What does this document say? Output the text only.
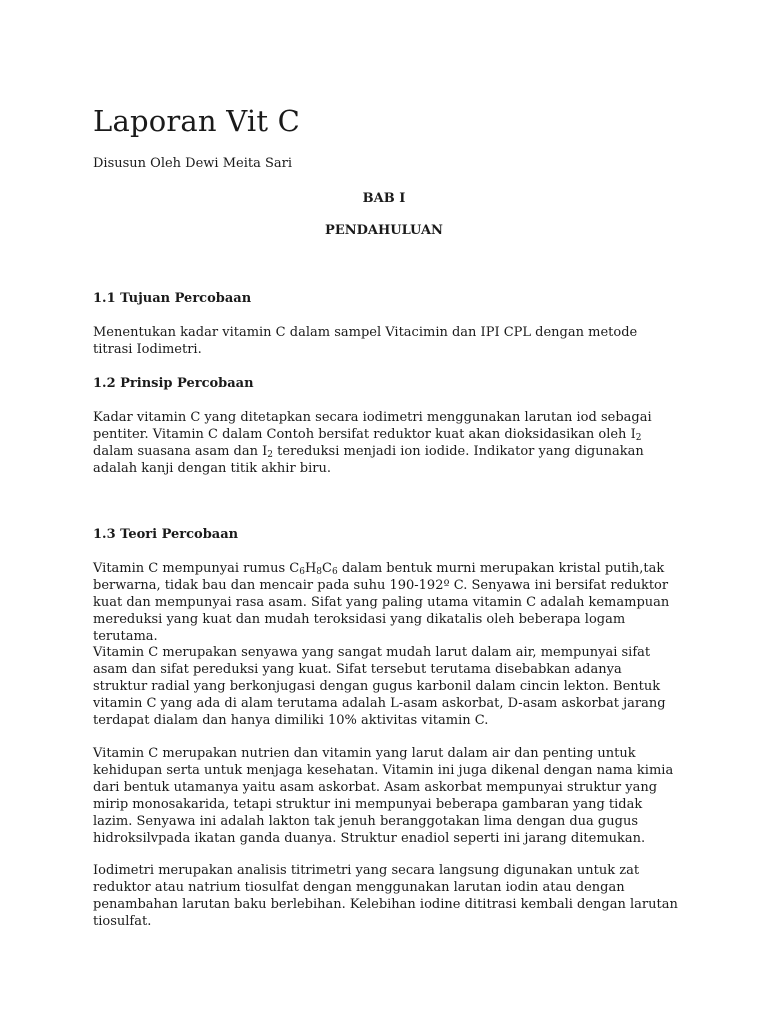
Laporan Vit C

Disusun Oleh Dewi Meita Sari

BAB I

PENDAHULUAN

1.1 Tujuan Percobaan

Menentukan kadar vitamin C dalam sampel Vitacimin dan IPI CPL dengan metode titrasi Iodimetri.

1.2 Prinsip Percobaan

Kadar vitamin C yang ditetapkan secara iodimetri menggunakan larutan iod sebagai pentiter. Vitamin C dalam Contoh bersifat reduktor kuat akan dioksidasikan oleh $I_2$ dalam suasana asam dan $I_2$ tereduksi menjadi ion iodide. Indikator yang digunakan adalah kanji dengan titik akhir biru.

1.3 Teori Percobaan

Vitamin C mempunyai rumus $C_6H_8C_6$ dalam bentuk murni merupakan kristal putih,tak berwarna, tidak bau dan mencair pada suhu 190-192º C. Senyawa ini bersifat reduktor kuat dan mempunyai rasa asam. Sifat yang paling utama vitamin C adalah kemampuan mereduksi yang kuat dan mudah teroksidasi yang dikatalis oleh beberapa logam terutama.

Vitamin C merupakan senyawa yang sangat mudah larut dalam air, mempunyai sifat asam dan sifat pereduksi yang kuat. Sifat tersebut terutama disebabkan adanya struktur radial yang berkonjugasi dengan gugus karbonil dalam cincin lekton. Bentuk vitamin C yang ada di alam terutama adalah L-asam askorbat, D-asam askorbat jarang terdapat dialam dan hanya dimiliki 10% aktivitas vitamin C.

Vitamin C merupakan nutrien dan vitamin yang larut dalam air dan penting untuk kehidupan serta untuk menjaga kesehatan. Vitamin ini juga dikenal dengan nama kimia dari bentuk utamanya yaitu asam askorbat. Asam askorbat mempunyai struktur yang mirip monosakarida, tetapi struktur ini mempunyai beberapa gambaran yang tidak lazim. Senyawa ini adalah lakton tak jenuh beranggotakan lima dengan dua gugus hidroksilvpada ikatan ganda duanya. Struktur enadiol seperti ini jarang ditemukan.

Iodimetri merupakan analisis titrimetri yang secara langsung digunakan untuk zat reduktor atau natrium tiosulfat dengan menggunakan larutan iodin atau dengan penambahan larutan baku berlebihan. Kelebihan iodine dititrasi kembali dengan larutan tiosulfat.
